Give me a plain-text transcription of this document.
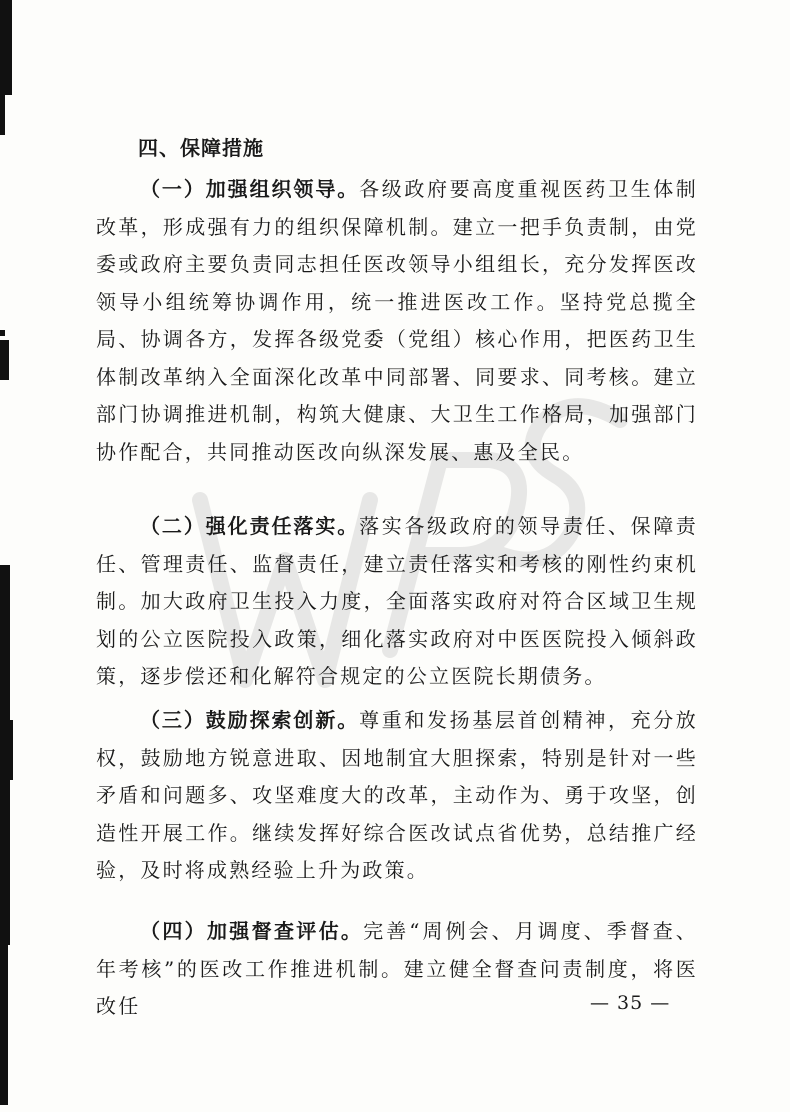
四、保障措施

（一）加强组织领导。各级政府要高度重视医药卫生体制改革，形成强有力的组织保障机制。建立一把手负责制，由党委或政府主要负责同志担任医改领导小组组长，充分发挥医改领导小组统筹协调作用，统一推进医改工作。坚持党总揽全局、协调各方，发挥各级党委（党组）核心作用，把医药卫生体制改革纳入全面深化改革中同部署、同要求、同考核。建立部门协调推进机制，构筑大健康、大卫生工作格局，加强部门协作配合，共同推动医改向纵深发展、惠及全民。

（二）强化责任落实。落实各级政府的领导责任、保障责任、管理责任、监督责任，建立责任落实和考核的刚性约束机制。加大政府卫生投入力度，全面落实政府对符合区域卫生规划的公立医院投入政策，细化落实政府对中医医院投入倾斜政策，逐步偿还和化解符合规定的公立医院长期债务。

（三）鼓励探索创新。尊重和发扬基层首创精神，充分放权，鼓励地方锐意进取、因地制宜大胆探索，特别是针对一些矛盾和问题多、攻坚难度大的改革，主动作为、勇于攻坚，创造性开展工作。继续发挥好综合医改试点省优势，总结推广经验，及时将成熟经验上升为政策。

（四）加强督查评估。完善“周例会、月调度、季督查、年考核”的医改工作推进机制。建立健全督查问责制度，将医改任	— 35 —
